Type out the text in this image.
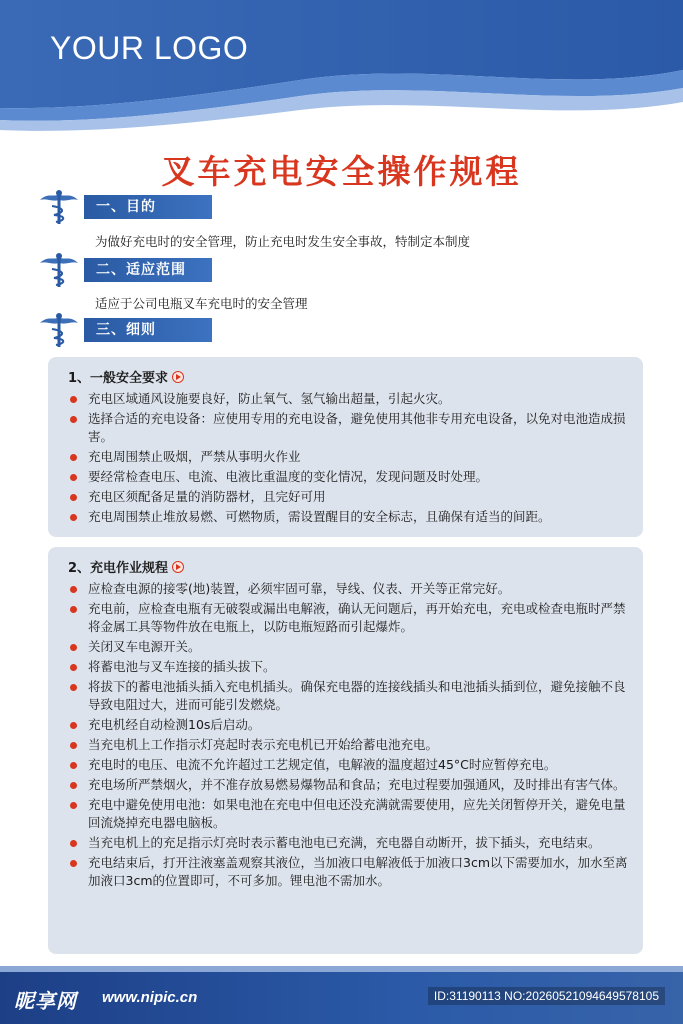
YOUR LOGO
叉车充电安全操作规程
一、目的
为做好充电时的安全管理，防止充电时发生安全事故，特制定本制度
二、适应范围
适应于公司电瓶叉车充电时的安全管理
三、细则
1、一般安全要求
充电区域通风设施要良好，防止氧气、氢气输出超量，引起火灾。
选择合适的充电设备：应使用专用的充电设备，避免使用其他非专用充电设备，以免对电池造成损害。
充电周围禁止吸烟，严禁从事明火作业
要经常检查电压、电流、电液比重温度的变化情况，发现问题及时处理。
充电区须配备足量的消防器材，且完好可用
充电周围禁止堆放易燃、可燃物质，需设置醒目的安全标志，且确保有适当的间距。
2、充电作业规程
应检查电源的接零(地)装置，必须牢固可靠，导线、仪表、开关等正常完好。
充电前，应检查电瓶有无破裂或漏出电解液，确认无问题后，再开始充电，充电或检查电瓶时严禁将金属工具等物件放在电瓶上，以防电瓶短路而引起爆炸。
关闭叉车电源开关。
将蓄电池与叉车连接的插头拔下。
将拔下的蓄电池插头插入充电机插头。确保充电器的连接线插头和电池插头插到位，避免接触不良导致电阻过大，进而可能引发燃烧。
充电机经自动检测10s后启动。
当充电机上工作指示灯亮起时表示充电机已开始给蓄电池充电。
充电时的电压、电流不允许超过工艺规定值，电解液的温度超过45°C时应暂停充电。
充电场所严禁烟火，并不准存放易燃易爆物品和食品；充电过程要加强通风，及时排出有害气体。
充电中避免使用电池：如果电池在充电中但电还没充满就需要使用，应先关闭暂停开关，避免电量回流烧掉充电器电脑板。
当充电机上的充足指示灯亮时表示蓄电池电已充满，充电器自动断开，拔下插头，充电结束。
充电结束后，打开注液塞盖观察其液位，当加液口电解液低于加液口3cm以下需要加水，加水至离加液口3cm的位置即可，不可多加。锂电池不需加水。
昵享网 www.nipic.cn	ID:31190113 NO:20260521094649578105
